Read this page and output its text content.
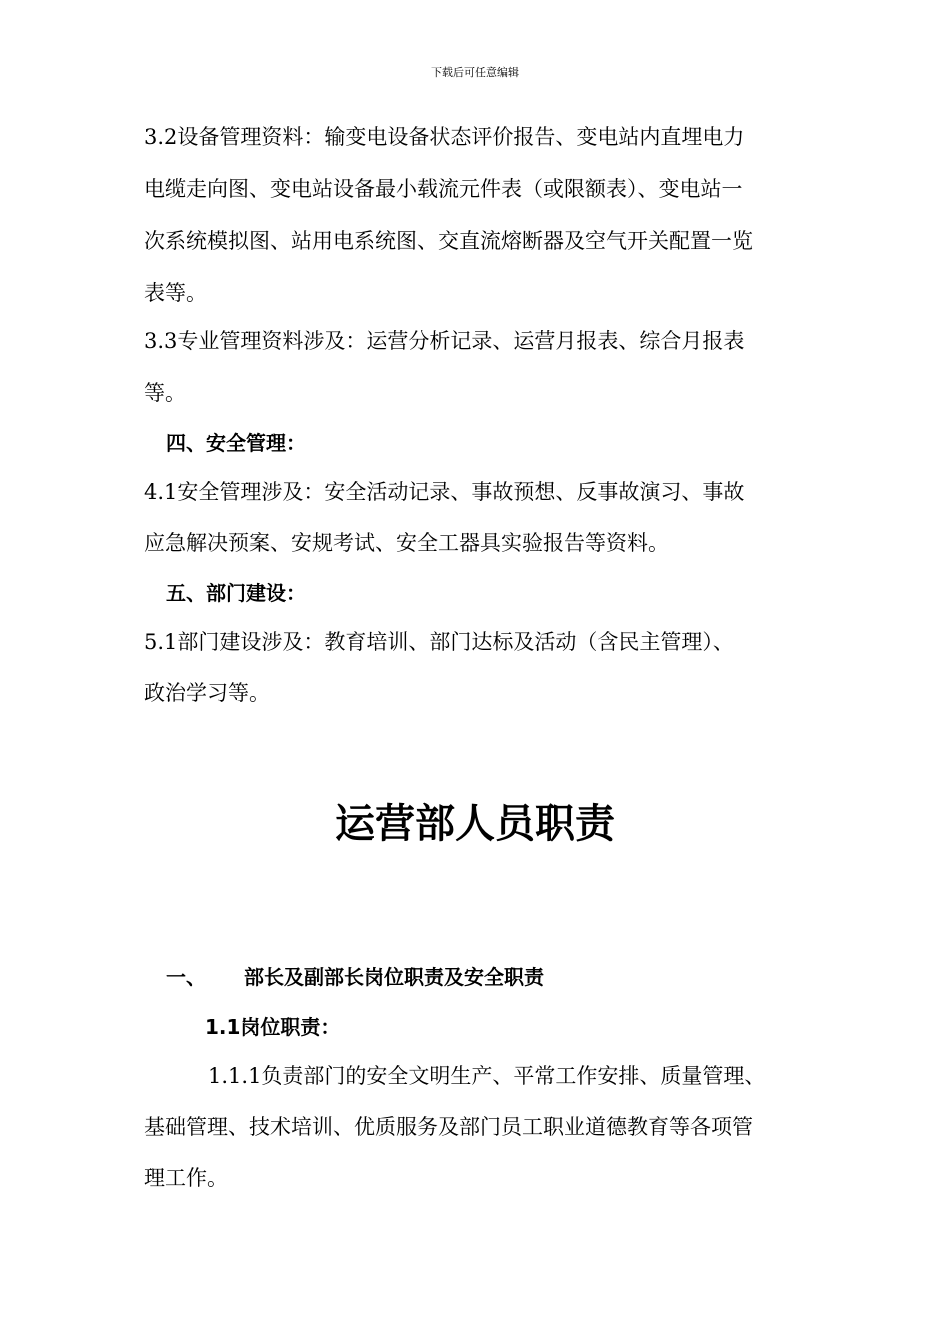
下载后可任意编辑
3.2设备管理资料：输变电设备状态评价报告、变电站内直埋电力
电缆走向图、变电站设备最小载流元件表（或限额表）、变电站一
次系统模拟图、站用电系统图、交直流熔断器及空气开关配置一览
表等。
3.3专业管理资料涉及：运营分析记录、运营月报表、综合月报表
等。
四、安全管理：
4.1安全管理涉及：安全活动记录、事故预想、反事故演习、事故
应急解决预案、安规考试、安全工器具实验报告等资料。
五、部门建设：
5.1部门建设涉及：教育培训、部门达标及活动（含民主管理）、
政治学习等。
运营部人员职责
一、 部长及副部长岗位职责及安全职责
1.1岗位职责：
1.1.1负责部门的安全文明生产、平常工作安排、质量管理、
基础管理、技术培训、优质服务及部门员工职业道德教育等各项管
理工作。
